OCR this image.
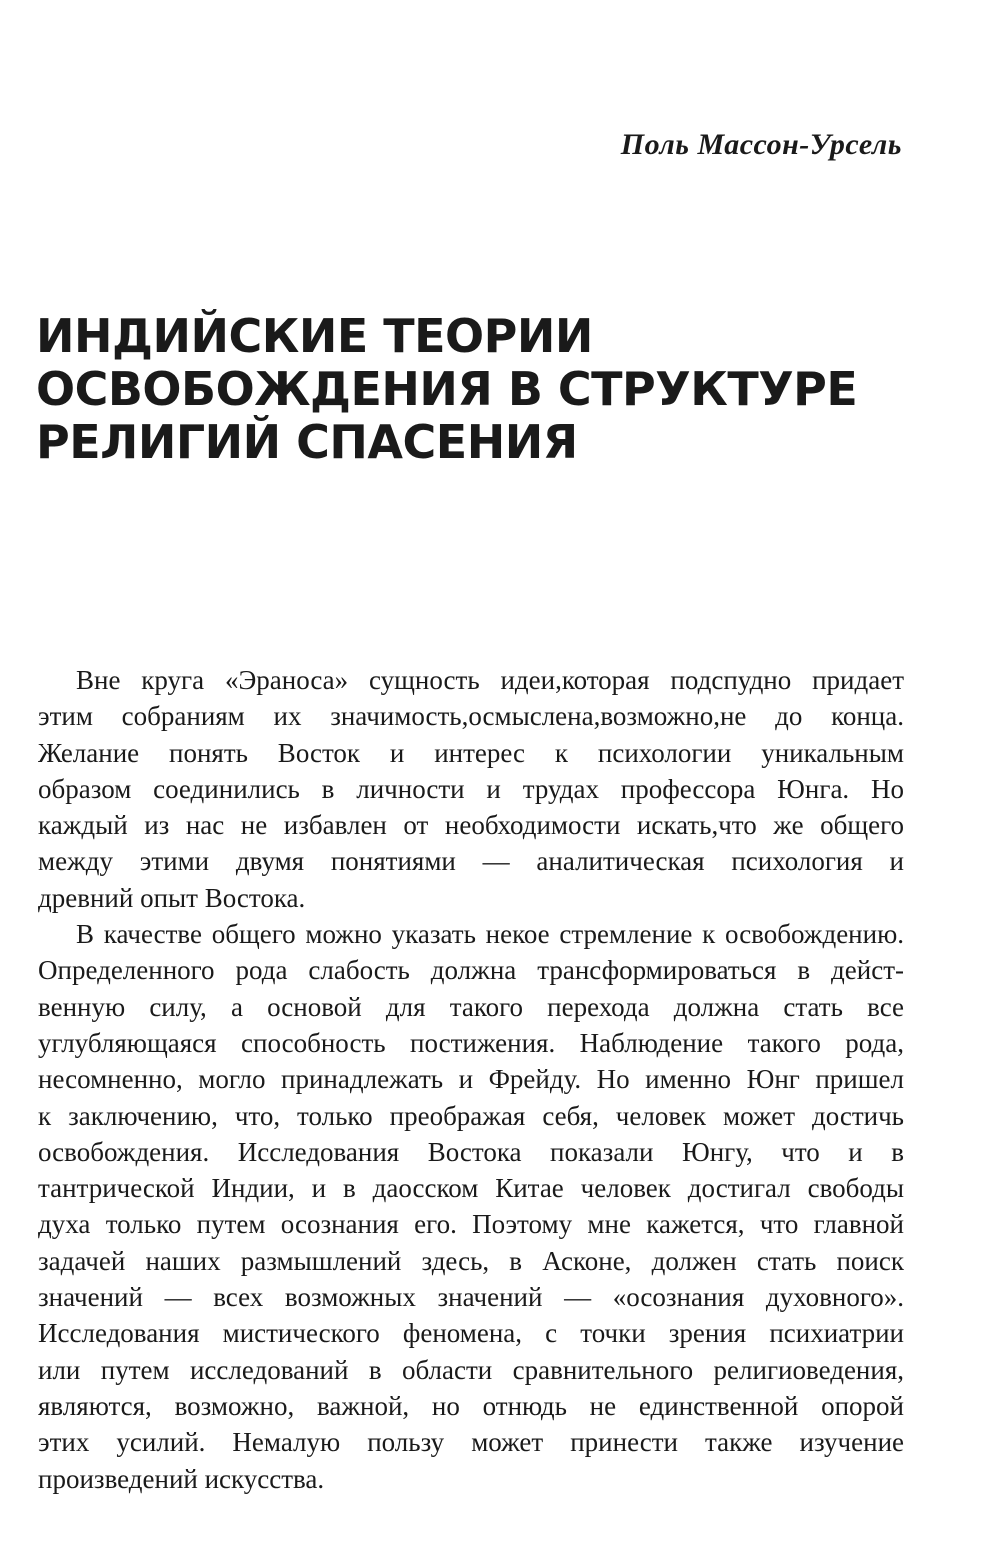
Поль Массон-Урсель
ИНДИЙСКИЕ ТЕОРИИ
ОСВОБОЖДЕНИЯ В СТРУКТУРЕ
РЕЛИГИЙ СПАСЕНИЯ
Вне круга «Эраноса» сущность идеи,которая подспудно придает
этим собраниям их значимость,осмыслена,возможно,не до конца.
Желание понять Восток и интерес к психологии уникальным
образом соединились в личности и трудах профессора Юнга. Но
каждый из нас не избавлен от необходимости искать,что же общего
между этими двумя понятиями — аналитическая психология и
древний опыт Востока.
В качестве общего можно указать некое стремление к освобождению.
Определенного рода слабость должна трансформироваться в дейст-
венную силу, а основой для такого перехода должна стать все
углубляющаяся способность постижения. Наблюдение такого рода,
несомненно, могло принадлежать и Фрейду. Но именно Юнг пришел
к заключению, что, только преображая себя, человек может достичь
освобождения. Исследования Востока показали Юнгу, что и в
тантрической Индии, и в даосском Китае человек достигал свободы
духа только путем осознания его. Поэтому мне кажется, что главной
задачей наших размышлений здесь, в Асконе, должен стать поиск
значений — всех возможных значений — «осознания духовного».
Исследования мистического феномена, с точки зрения психиатрии
или путем исследований в области сравнительного религиоведения,
являются, возможно, важной, но отнюдь не единственной опорой
этих усилий. Немалую пользу может принести также изучение
произведений искусства.
